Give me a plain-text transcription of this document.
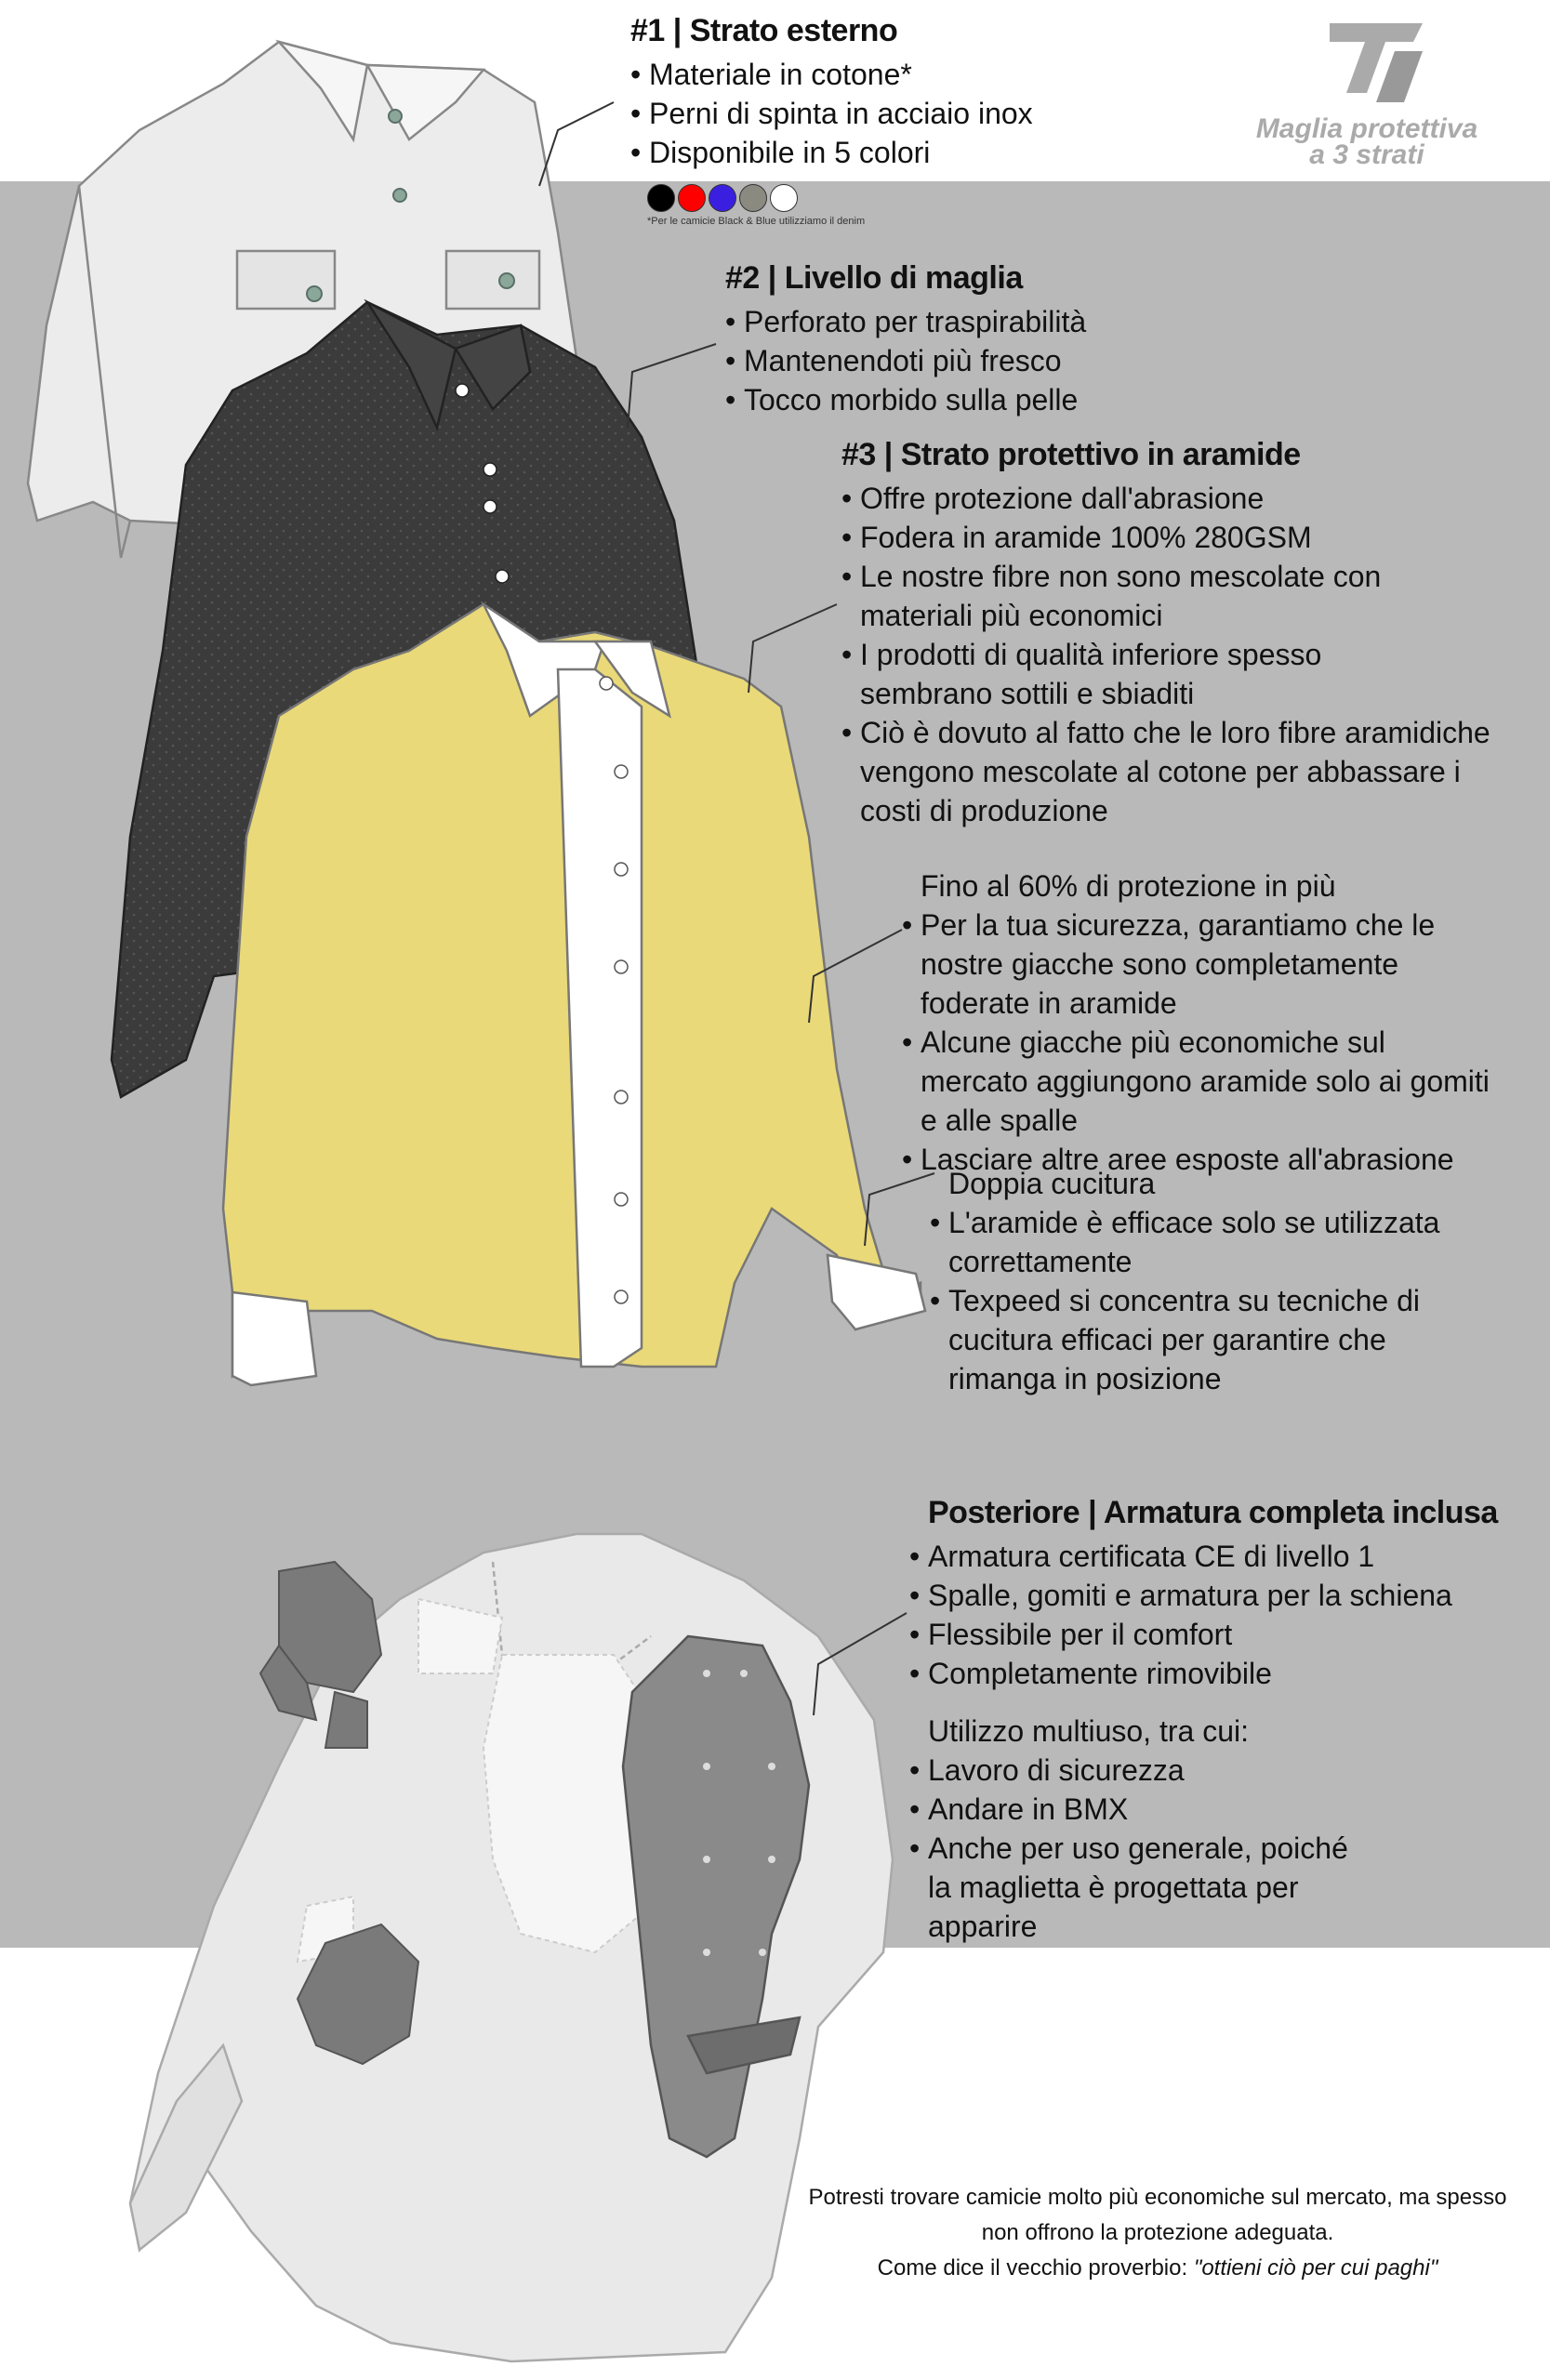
Maglia protettiva
a 3 strati
#1 | Strato esterno
• Materiale in cotone*
• Perni di spinta in acciaio inox
• Disponibile in 5 colori
*Per le camicie Black & Blue utilizziamo il denim
#2 | Livello di maglia
• Perforato per traspirabilità
• Mantenendoti più fresco
• Tocco morbido sulla pelle
#3 | Strato protettivo in aramide
• Offre protezione dall'abrasione
• Fodera in aramide 100% 280GSM
• Le nostre fibre non sono mescolate con materiali più economici
• I prodotti di qualità inferiore spesso sembrano sottili e sbiaditi
• Ciò è dovuto al fatto che le loro fibre aramidiche vengono mescolate al cotone per abbassare i costi di produzione

Fino al 60% di protezione in più

• Per la tua sicurezza, garantiamo che le nostre giacche sono completamente foderate in aramide
• Alcune giacche più economiche sul mercato aggiungono aramide solo ai gomiti e alle spalle
• Lasciare altre aree esposte all'abrasione

Doppia cucitura

• L'aramide è efficace solo se utilizzata correttamente
• Texpeed si concentra su tecniche di cucitura efficaci per garantire che rimanga in posizione
Posteriore | Armatura completa inclusa
• Armatura certificata CE di livello 1
• Spalle, gomiti e armatura per la schiena
• Flessibile per il comfort
• Completamente rimovibile

Utilizzo multiuso, tra cui:

• Lavoro di sicurezza
• Andare in BMX
• Anche per uso generale, poiché la maglietta è progettata per apparire
Potresti trovare camicie molto più economiche sul mercato, ma spesso
non offrono la protezione adeguata.
Come dice il vecchio proverbio: "ottieni ciò per cui paghi"
